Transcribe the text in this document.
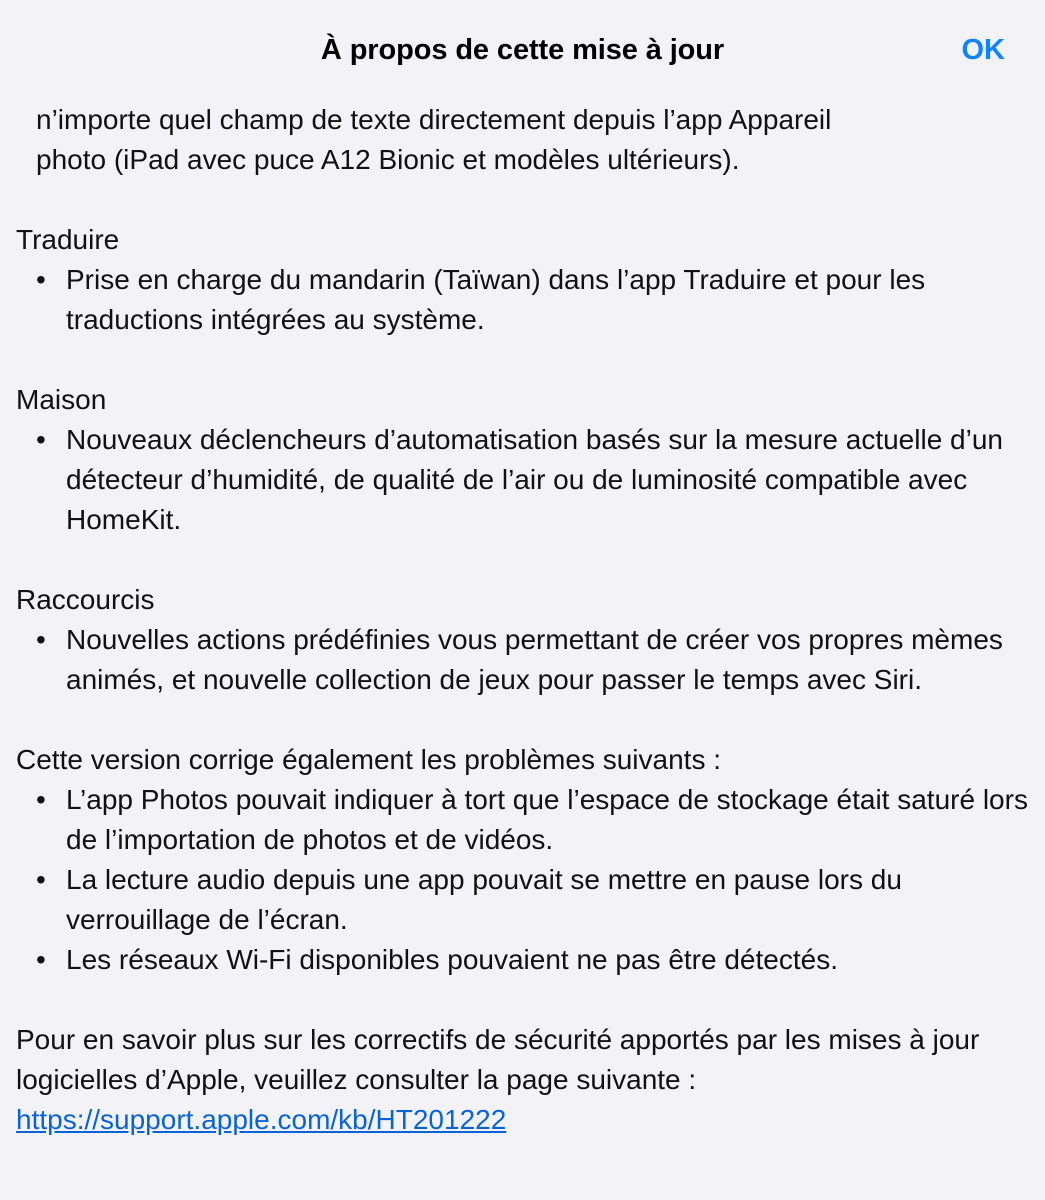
À propos de cette mise à jour	OK
n’importe quel champ de texte directement depuis l’app Appareil
photo (iPad avec puce A12 Bionic et modèles ultérieurs).
Traduire
• Prise en charge du mandarin (Taïwan) dans l’app Traduire et pour les traductions intégrées au système.
Maison
• Nouveaux déclencheurs d’automatisation basés sur la mesure actuelle d’un détecteur d’humidité, de qualité de l’air ou de luminosité compatible avec HomeKit.
Raccourcis
• Nouvelles actions prédéfinies vous permettant de créer vos propres mèmes animés, et nouvelle collection de jeux pour passer le temps avec Siri.
Cette version corrige également les problèmes suivants :
• L’app Photos pouvait indiquer à tort que l’espace de stockage était saturé lors de l’importation de photos et de vidéos.
• La lecture audio depuis une app pouvait se mettre en pause lors du verrouillage de l’écran.
• Les réseaux Wi-Fi disponibles pouvaient ne pas être détectés.
Pour en savoir plus sur les correctifs de sécurité apportés par les mises à jour logicielles d’Apple, veuillez consulter la page suivante :
https://support.apple.com/kb/HT201222
